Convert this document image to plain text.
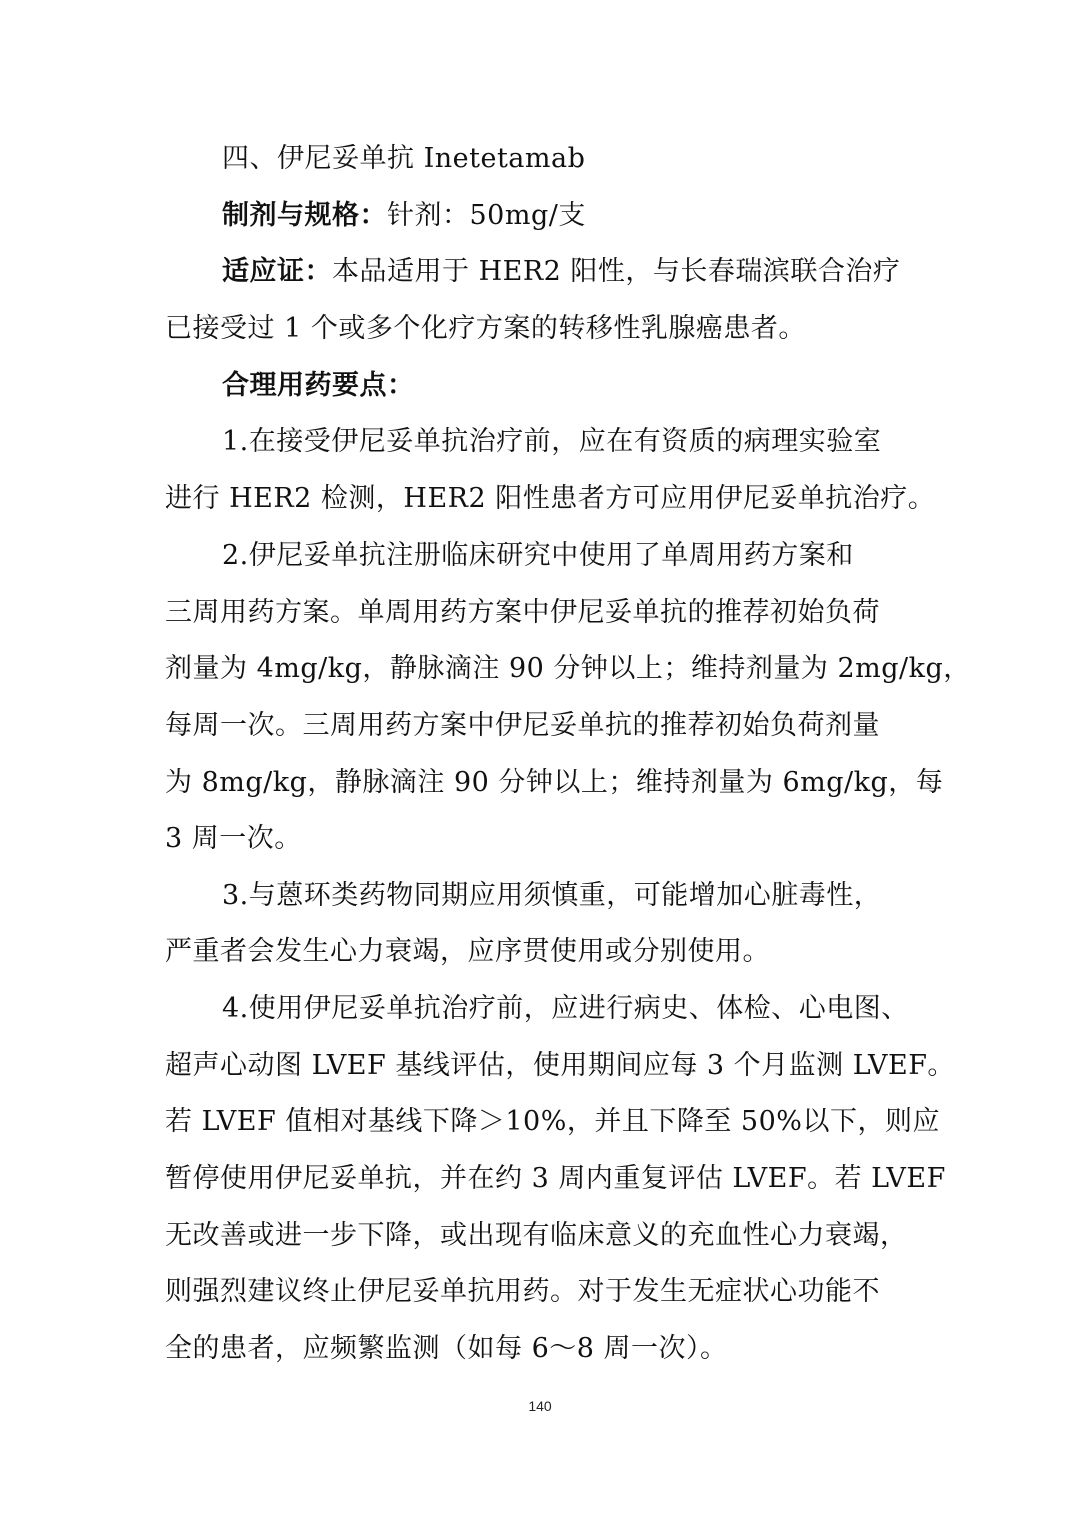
四、伊尼妥单抗 Inetetamab
制剂与规格：针剂：50mg/支
适应证：本品适用于 HER2 阳性，与长春瑞滨联合治疗
已接受过 1 个或多个化疗方案的转移性乳腺癌患者。
合理用药要点：
1.在接受伊尼妥单抗治疗前，应在有资质的病理实验室
进行 HER2 检测，HER2 阳性患者方可应用伊尼妥单抗治疗。
2.伊尼妥单抗注册临床研究中使用了单周用药方案和
三周用药方案。单周用药方案中伊尼妥单抗的推荐初始负荷
剂量为 4mg/kg，静脉滴注 90 分钟以上；维持剂量为 2mg/kg，
每周一次。三周用药方案中伊尼妥单抗的推荐初始负荷剂量
为 8mg/kg，静脉滴注 90 分钟以上；维持剂量为 6mg/kg，每
3 周一次。
3.与蒽环类药物同期应用须慎重，可能增加心脏毒性，
严重者会发生心力衰竭，应序贯使用或分别使用。
4.使用伊尼妥单抗治疗前，应进行病史、体检、心电图、
超声心动图 LVEF 基线评估，使用期间应每 3 个月监测 LVEF。
若 LVEF 值相对基线下降＞10%，并且下降至 50%以下，则应
暂停使用伊尼妥单抗，并在约 3 周内重复评估 LVEF。若 LVEF
无改善或进一步下降，或出现有临床意义的充血性心力衰竭，
则强烈建议终止伊尼妥单抗用药。对于发生无症状心功能不
全的患者，应频繁监测（如每 6～8 周一次）。
140
